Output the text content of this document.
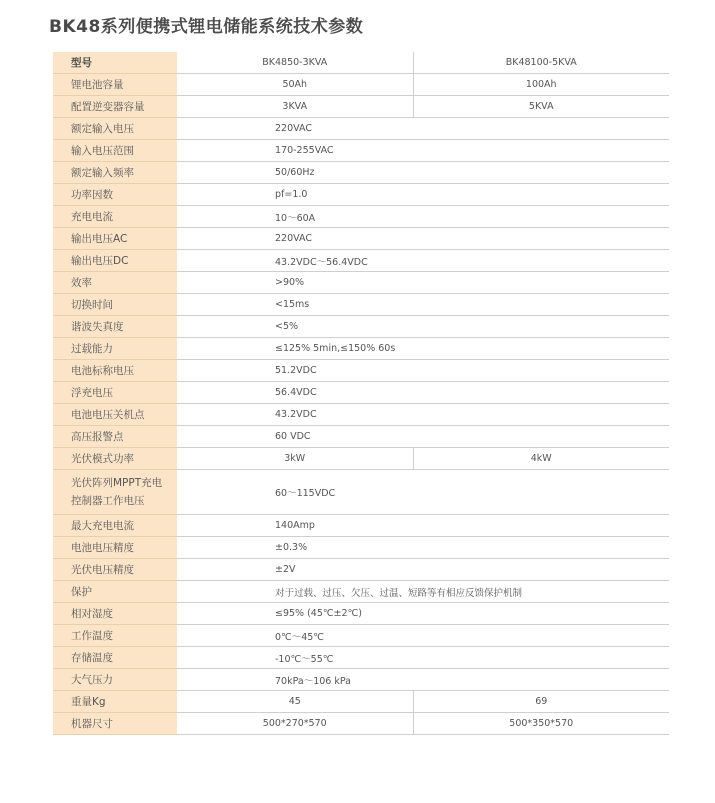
BK48系列便携式锂电储能系统技术参数
型号	BK4850-3KVA	BK48100-5KVA
锂电池容量	50Ah	100Ah
配置逆变器容量	3KVA	5KVA
额定输入电压	220VAC	
输入电压范围	170-255VAC	
额定输入频率	50/60Hz	
功率因数	pf=1.0	
充电电流	10～60A	
输出电压AC	220VAC	
输出电压DC	43.2VDC～56.4VDC	
效率	>90%	
切换时间	<15ms	
谐波失真度	<5%	
过载能力	≤125% 5min,≤150% 60s	
电池标称电压	51.2VDC	
浮充电压	56.4VDC	
电池电压关机点	43.2VDC	
高压报警点	60 VDC	
光伏模式功率	3kW	4kW
光伏阵列MPPT充电控制器工作电压	60～115VDC	
最大充电电流	140Amp	
电池电压精度	±0.3%	
光伏电压精度	±2V	
保护	对于过载、过压、欠压、过温、短路等有相应反馈保护机制	
相对湿度	≤95% (45℃±2℃)	
工作温度	0℃～45℃	
存储温度	-10℃～55℃	
大气压力	70kPa～106 kPa	
重量Kg	45	69
机器尺寸	500*270*570	500*350*570
